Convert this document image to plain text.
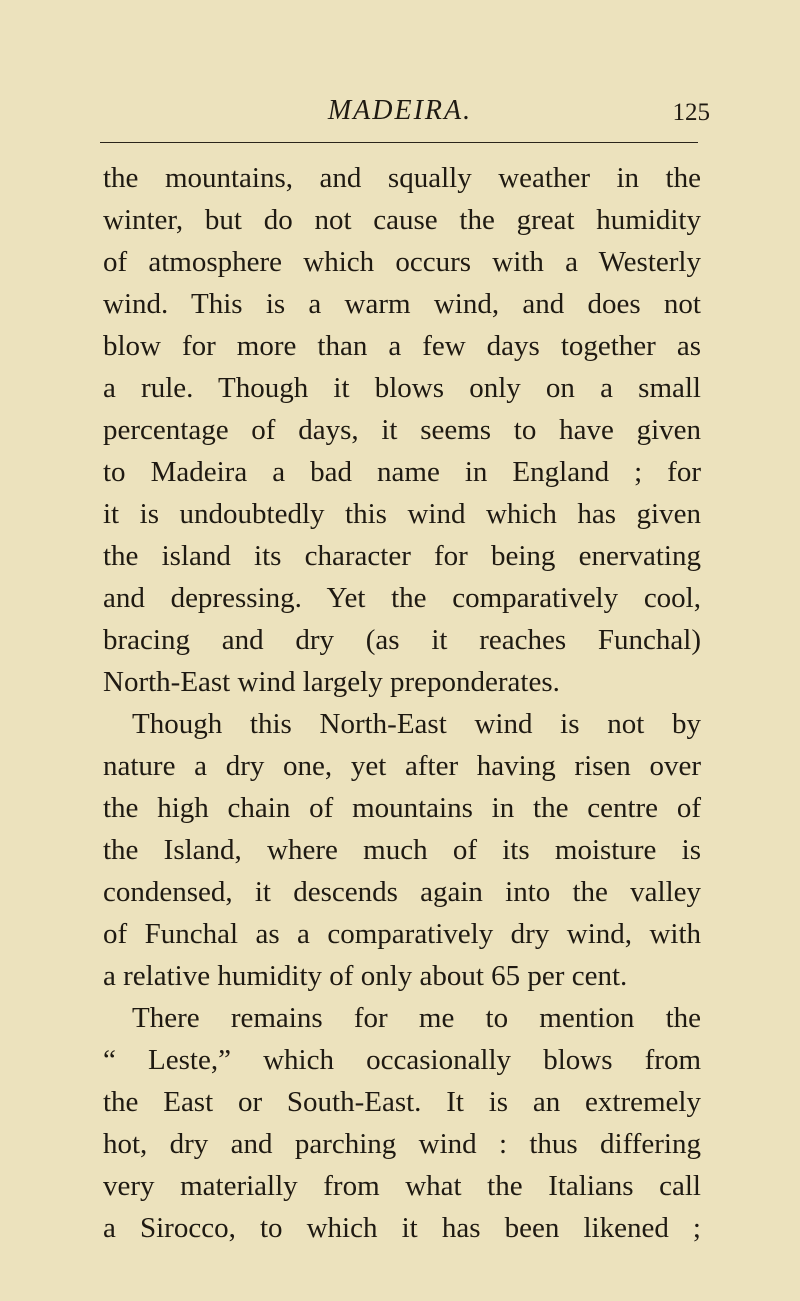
MADEIRA.	125
the mountains, and squally weather in the
winter, but do not cause the great humidity
of atmosphere which occurs with a Westerly
wind. This is a warm wind, and does not
blow for more than a few days together as
a rule. Though it blows only on a small
percentage of days, it seems to have given
to Madeira a bad name in England ; for
it is undoubtedly this wind which has given
the island its character for being enervating
and depressing. Yet the comparatively cool,
bracing and dry (as it reaches Funchal)
North-East wind largely preponderates.
Though this North-East wind is not by
nature a dry one, yet after having risen over
the high chain of mountains in the centre of
the Island, where much of its moisture is
condensed, it descends again into the valley
of Funchal as a comparatively dry wind, with
a relative humidity of only about 65 per cent.
There remains for me to mention the
“ Leste,” which occasionally blows from
the East or South-East. It is an extremely
hot, dry and parching wind : thus differing
very materially from what the Italians call
a Sirocco, to which it has been likened ;
